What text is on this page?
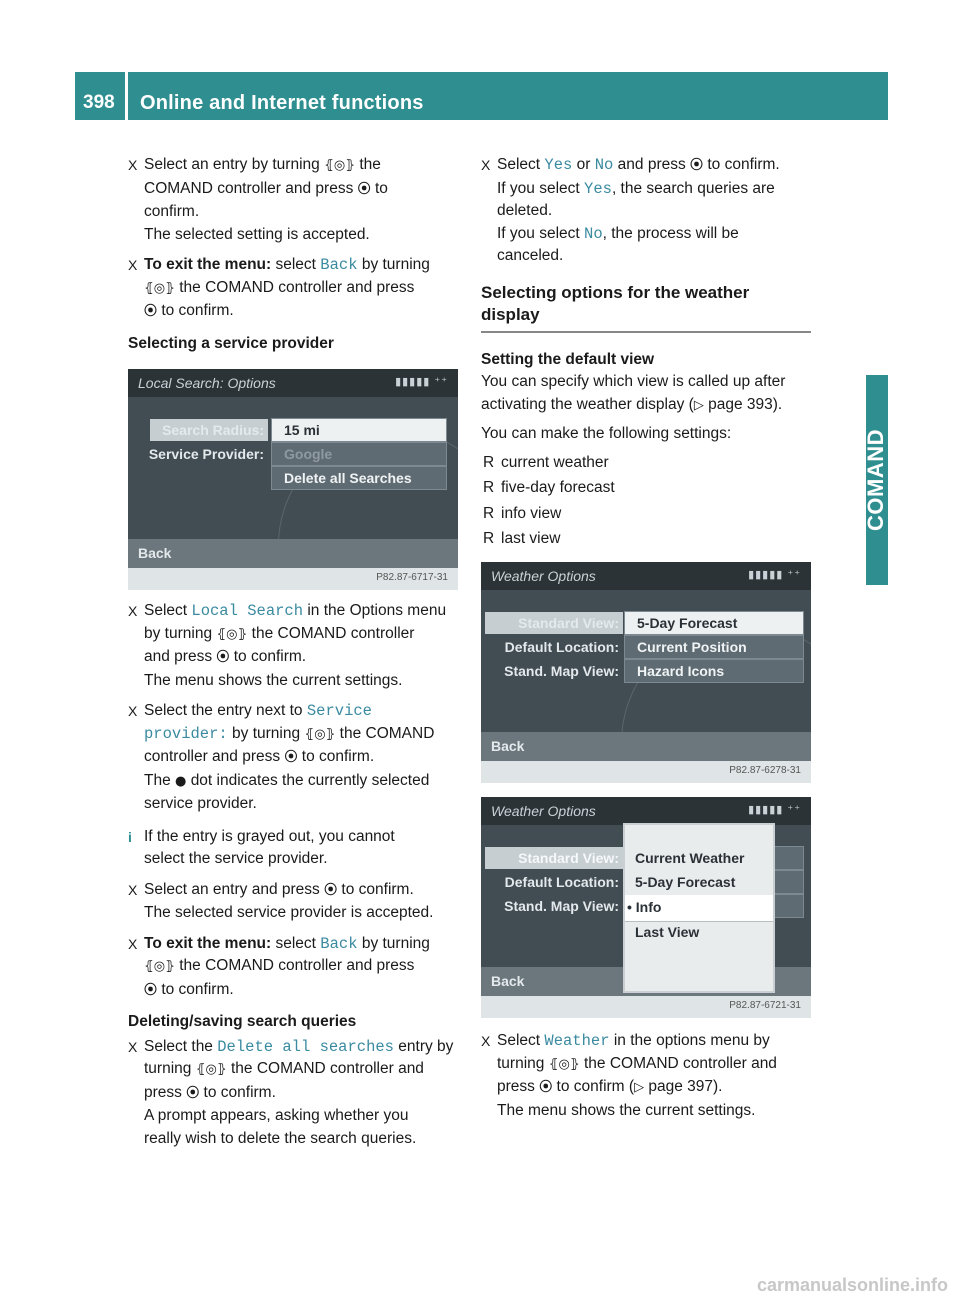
398 Online and Internet functions
COMAND

X Select an entry by turning ⦃◎⦄ the
COMAND controller and press ⦿ to
confirm.
The selected setting is accepted.

X To exit the menu: select Back by turning
⦃◎⦄ the COMAND controller and press
⦿ to confirm.

Selecting a service provider

Local Search: Options	▮▮▮▮▮ ⁺⁺
Search Radius:	15 mi
Service Provider:	Google
Delete all Searches
Back
P82.87-6717-31

X Select Local Search in the Options menu
by turning ⦃◎⦄ the COMAND controller
and press ⦿ to confirm.
The menu shows the current settings.

X Select the entry next to Service
provider: by turning ⦃◎⦄ the COMAND
controller and press ⦿ to confirm.
The ● dot indicates the currently selected
service provider.

i If the entry is grayed out, you cannot
select the service provider.

X Select an entry and press ⦿ to confirm.
The selected service provider is accepted.

X To exit the menu: select Back by turning
⦃◎⦄ the COMAND controller and press
⦿ to confirm.

Deleting/saving search queries

X Select the Delete all searches entry by
turning ⦃◎⦄ the COMAND controller and
press ⦿ to confirm.
A prompt appears, asking whether you
really wish to delete the search queries.

X Select Yes or No and press ⦿ to confirm.
If you select Yes, the search queries are
deleted.
If you select No, the process will be
canceled.

Selecting options for the weather
display

Setting the default view

You can specify which view is called up after
activating the weather display (▷ page 393).

You can make the following settings:

R current weather

R five-day forecast

R info view

R last view

Weather Options	▮▮▮▮▮ ⁺⁺
Standard View:	5-Day Forecast
Default Location:	Current Position
Stand. Map View:	Hazard Icons
Back
P82.87-6278-31
Weather Options	▮▮▮▮▮ ⁺⁺
Standard View:
Default Location:
Stand. Map View:
Back
Current Weather
5-Day Forecast
• Info
Last View
P82.87-6721-31

X Select Weather in the options menu by
turning ⦃◎⦄ the COMAND controller and
press ⦿ to confirm (▷ page 397).
The menu shows the current settings.

carmanualsonline.info
